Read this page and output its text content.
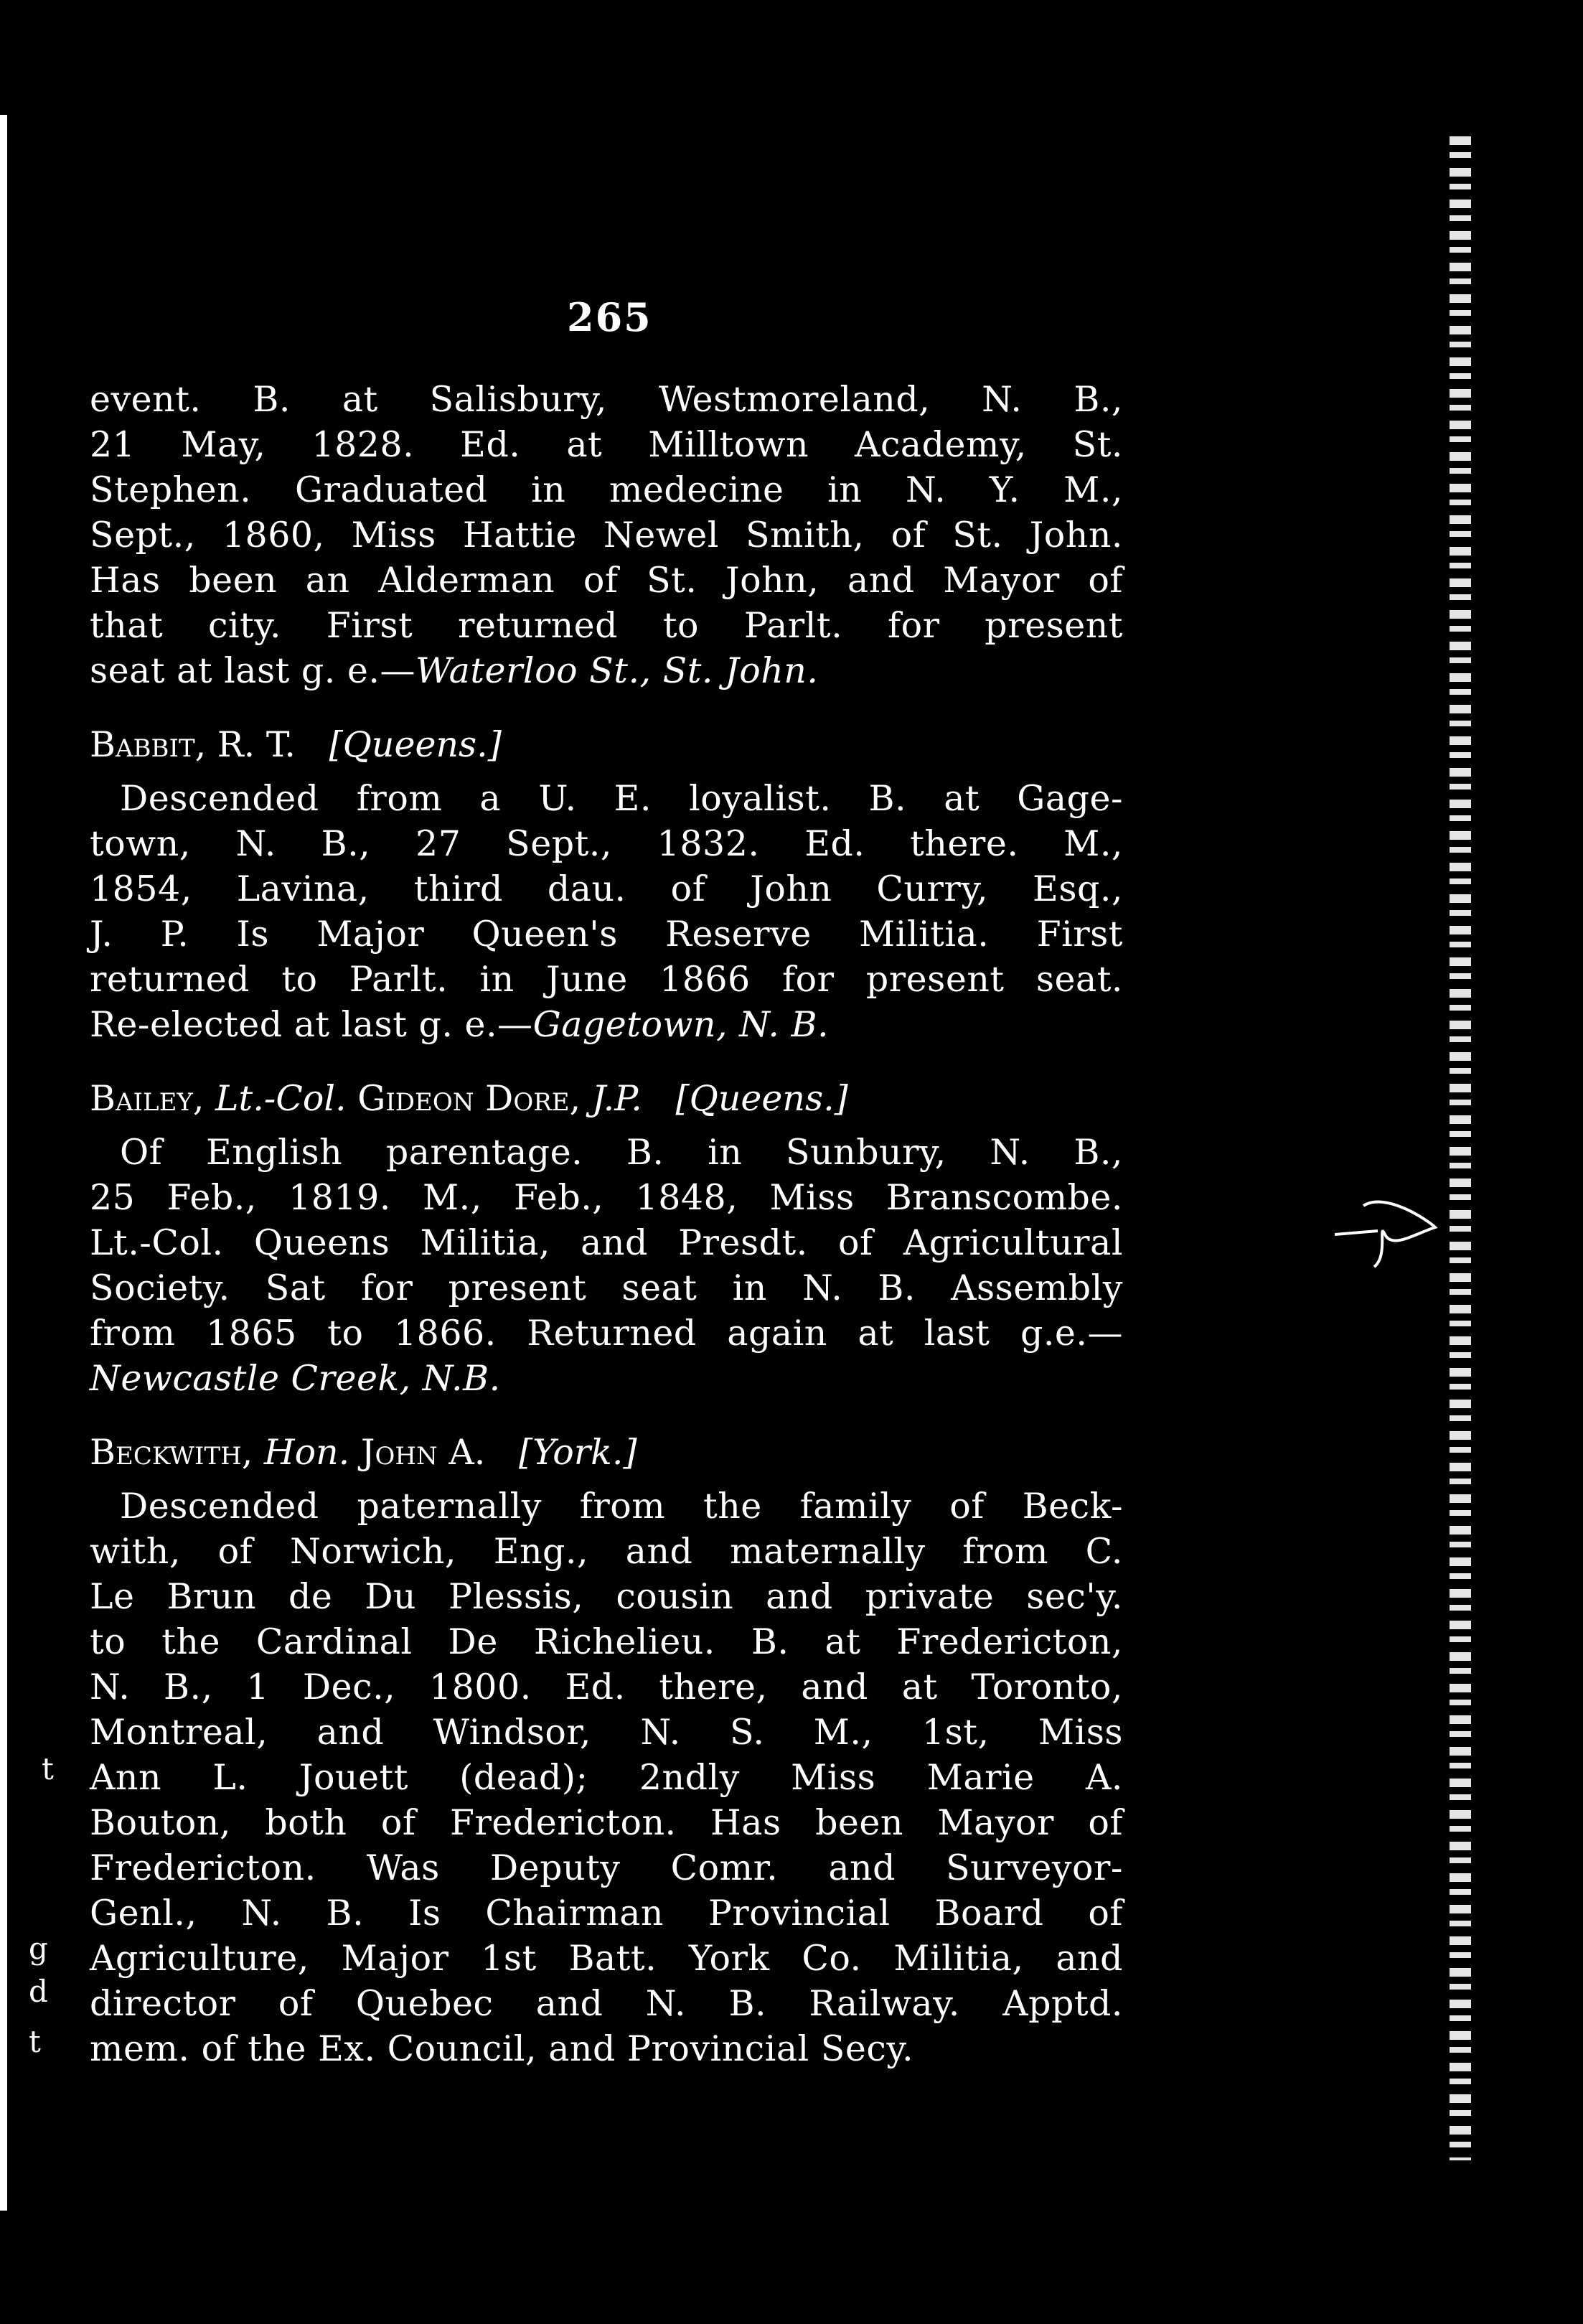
265
event. B. at Salisbury, Westmoreland, N. B.,
21 May, 1828. Ed. at Milltown Academy, St.
Stephen. Graduated in medecine in N. Y. M.,
Sept., 1860, Miss Hattie Newel Smith, of St. John.
Has been an Alderman of St. John, and Mayor of
that city. First returned to Parlt. for present
seat at last g. e.—Waterloo St., St. John.
Babbit, R. T. [Queens.]
Descended from a U. E. loyalist. B. at Gage-
town, N. B., 27 Sept., 1832. Ed. there. M.,
1854, Lavina, third dau. of John Curry, Esq.,
J. P. Is Major Queen's Reserve Militia. First
returned to Parlt. in June 1866 for present seat.
Re-elected at last g. e.—Gagetown, N. B.
Bailey, Lt.-Col. Gideon Dore, J.P. [Queens.]
Of English parentage. B. in Sunbury, N. B.,
25 Feb., 1819. M., Feb., 1848, Miss Branscombe.
Lt.-Col. Queens Militia, and Presdt. of Agricultural
Society. Sat for present seat in N. B. Assembly
from 1865 to 1866. Returned again at last g.e.—
Newcastle Creek, N.B.
Beckwith, Hon. John A. [York.]
Descended paternally from the family of Beck-
with, of Norwich, Eng., and maternally from C.
Le Brun de Du Plessis, cousin and private sec'y.
to the Cardinal De Richelieu. B. at Fredericton,
N. B., 1 Dec., 1800. Ed. there, and at Toronto,
Montreal, and Windsor, N. S. M., 1st, Miss
Ann L. Jouett (dead); 2ndly Miss Marie A.
Bouton, both of Fredericton. Has been Mayor of
Fredericton. Was Deputy Comr. and Surveyor-
Genl., N. B. Is Chairman Provincial Board of
Agriculture, Major 1st Batt. York Co. Militia, and
director of Quebec and N. B. Railway. Apptd.
mem. of the Ex. Council, and Provincial Secy.
t
g
d
t
